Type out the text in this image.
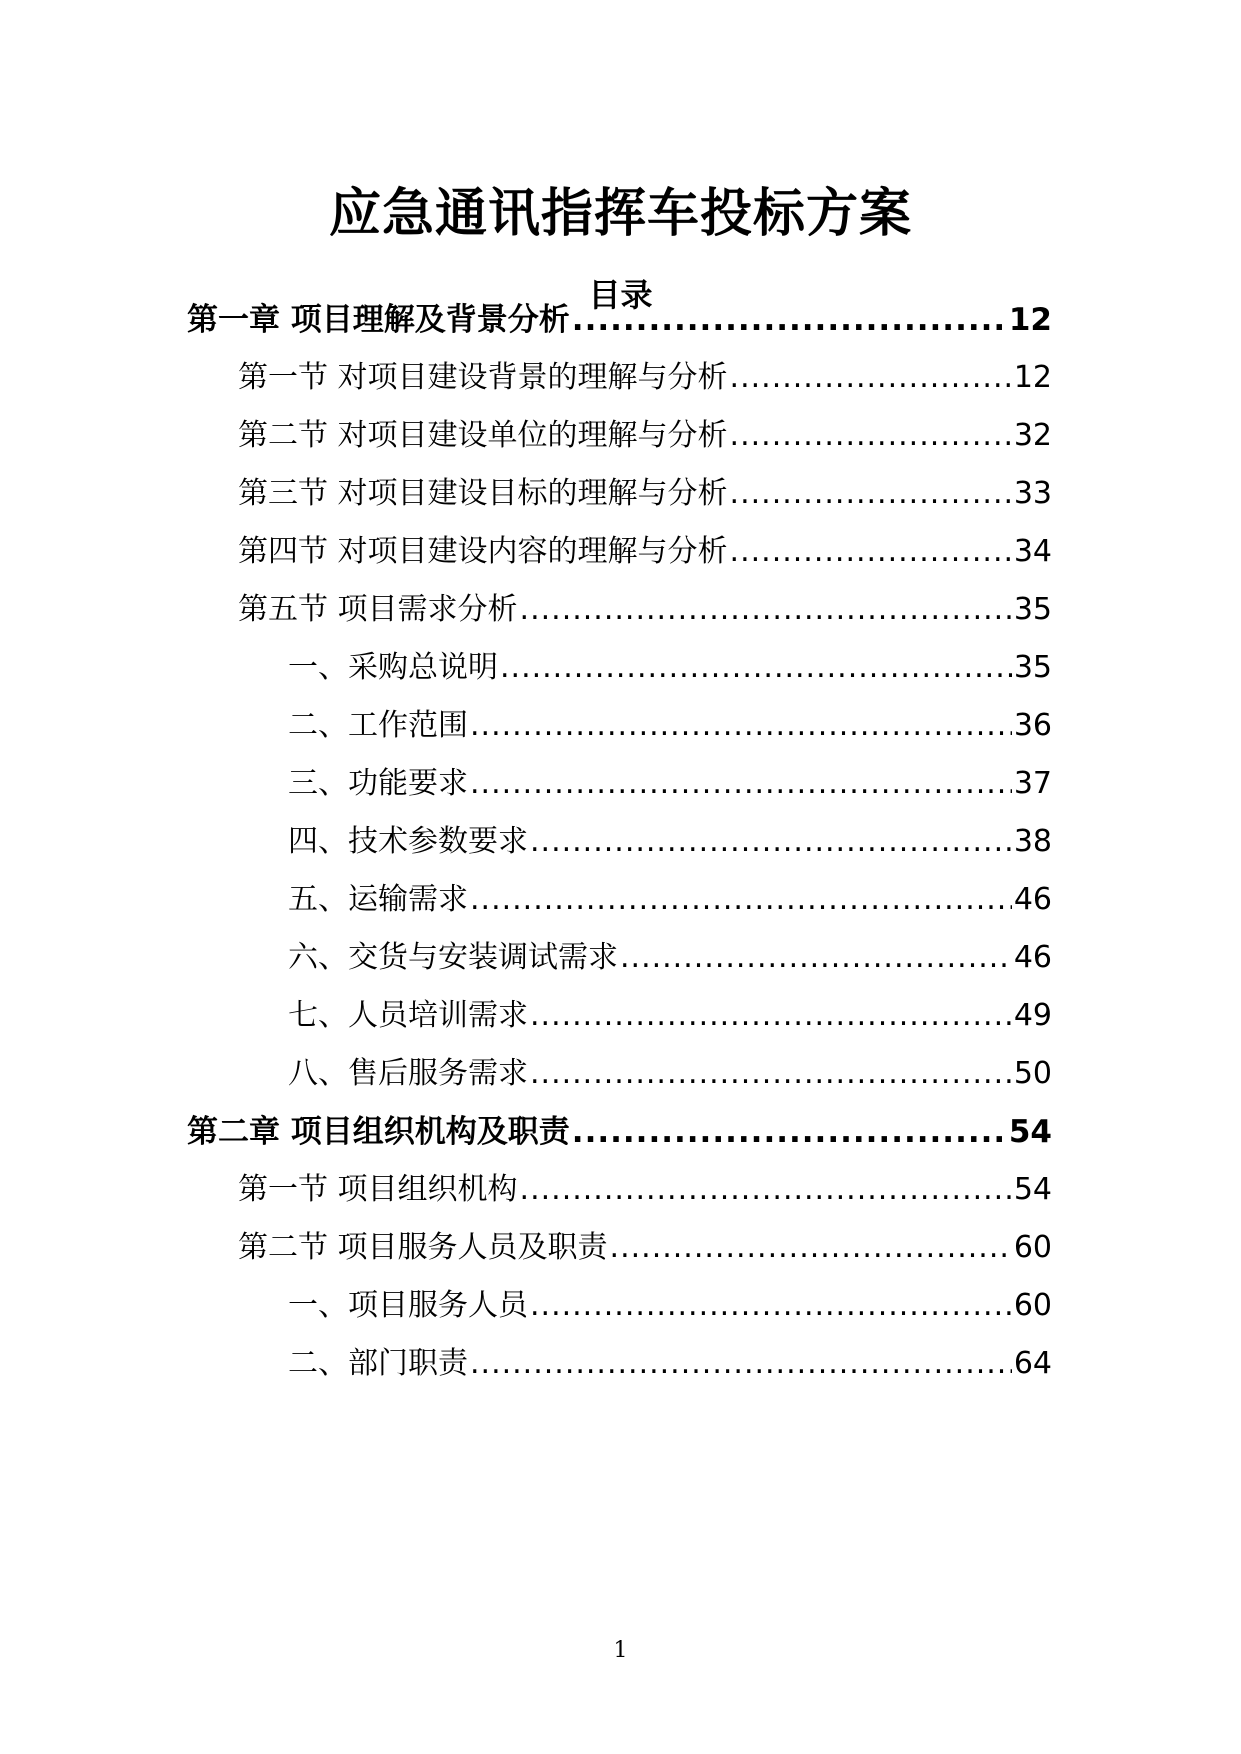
应急通讯指挥车投标方案
目录
第一章 项目理解及背景分析 .....	12
第一节 对项目建设背景的理解与分析 .....	12
第二节 对项目建设单位的理解与分析 .....	32
第三节 对项目建设目标的理解与分析 .....	33
第四节 对项目建设内容的理解与分析 .....	34
第五节 项目需求分析 .....	35
一、采购总说明 .....	35
二、工作范围 .....	36
三、功能要求 .....	37
四、技术参数要求 .....	38
五、运输需求 .....	46
六、交货与安装调试需求 .....	46
七、人员培训需求 .....	49
八、售后服务需求 .....	50
第二章 项目组织机构及职责 .....	54
第一节 项目组织机构 .....	54
第二节 项目服务人员及职责 .....	60
一、项目服务人员 .....	60
二、部门职责 .....	64
1
